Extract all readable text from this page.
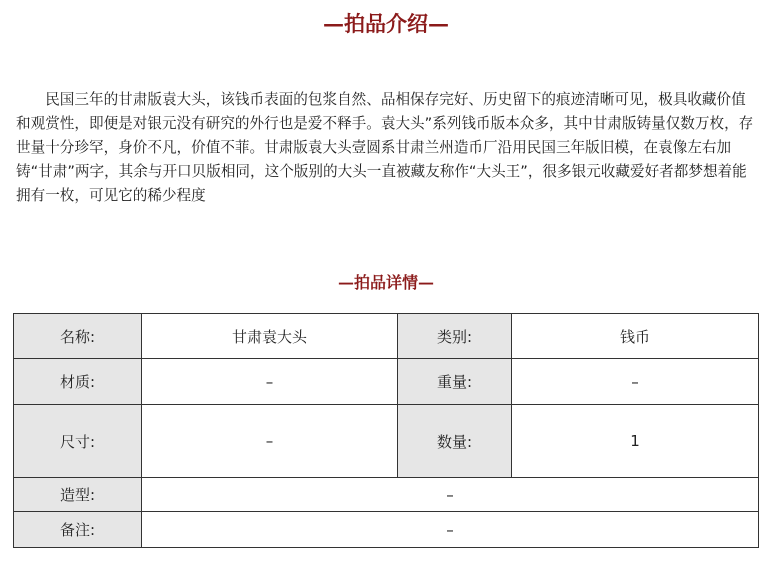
—拍品介绍—

民国三年的甘肃版袁大头，该钱币表面的包浆自然、品相保存完好、历史留下的痕迹清晰可见，极具收藏价值和观赏性，即便是对银元没有研究的外行也是爱不释手。袁大头”系列钱币版本众多，其中甘肃版铸量仅数万枚，存世量十分珍罕，身价不凡，价值不菲。甘肃版袁大头壹圆系甘肃兰州造币厂沿用民国三年版旧模，在袁像左右加铸“甘肃”两字，其余与开口贝版相同，这个版别的大头一直被藏友称作“大头王”，很多银元收藏爱好者都梦想着能拥有一枚，可见它的稀少程度

—拍品详情—
名称:	甘肃袁大头	类别:	钱币
材质:	–	重量:	–
尺寸:	–	数量:	1
造型:	–		
备注:	–		
